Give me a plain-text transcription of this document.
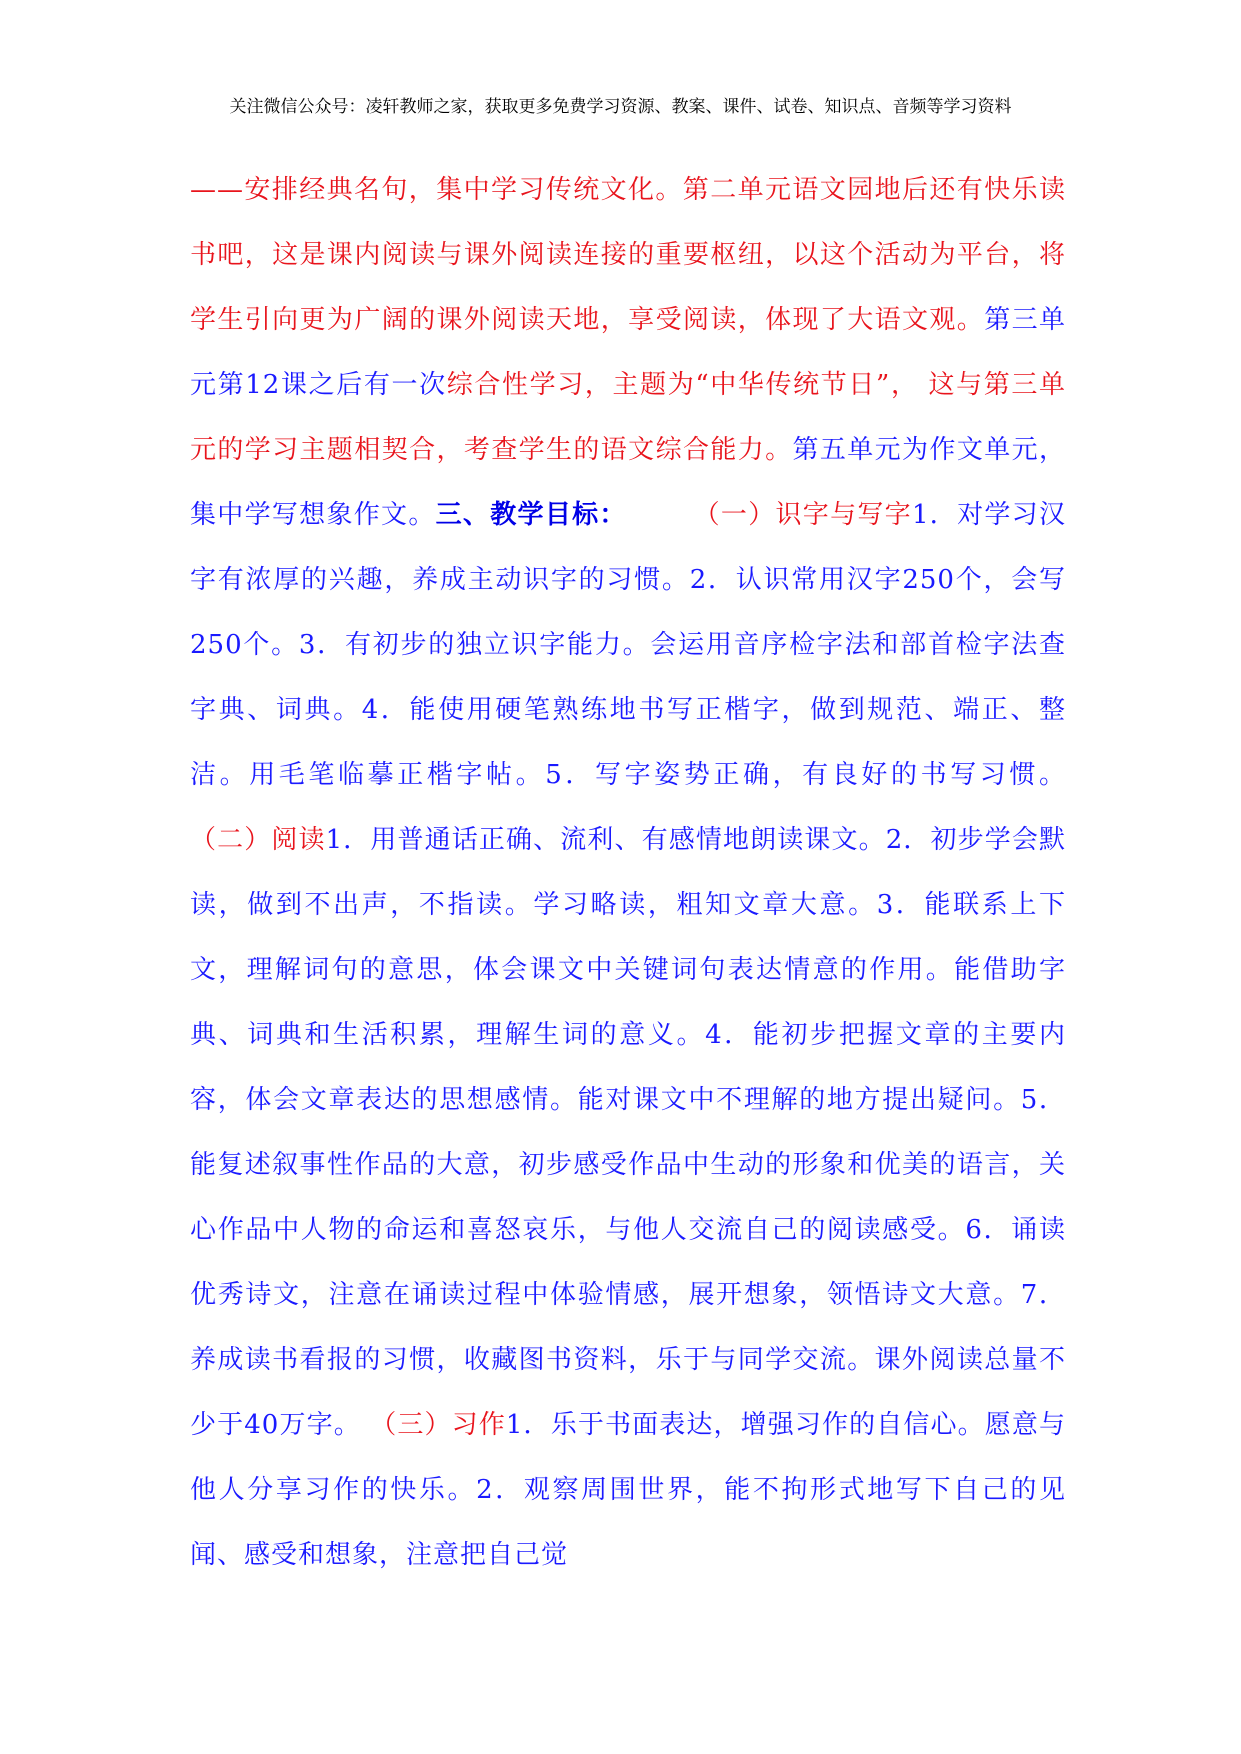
关注微信公众号：凌轩教师之家，获取更多免费学习资源、教案、课件、试卷、知识点、音频等学习资料
——安排经典名句，集中学习传统文化。第二单元语文园地后还有快乐读书吧，这是课内阅读与课外阅读连接的重要枢纽，以这个活动为平台，将学生引向更为广阔的课外阅读天地，享受阅读，体现了大语文观。第三单元第12课之后有一次综合性学习，主题为“中华传统节日”， 这与第三单元的学习主题相契合，考查学生的语文综合能力。第五单元为作文单元，集中学写想象作文。三、教学目标：	（一）识字与写字1．对学习汉字有浓厚的兴趣，养成主动识字的习惯。2．认识常用汉字250个，会写250个。3．有初步的独立识字能力。会运用音序检字法和部首检字法查字典、词典。4．能使用硬笔熟练地书写正楷字，做到规范、端正、整洁。用毛笔临摹正楷字帖。5．写字姿势正确，有良好的书写习惯。 （二）阅读1．用普通话正确、流利、有感情地朗读课文。2．初步学会默读，做到不出声，不指读。学习略读，粗知文章大意。3．能联系上下文，理解词句的意思，体会课文中关键词句表达情意的作用。能借助字典、词典和生活积累，理解生词的意义。4．能初步把握文章的主要内容，体会文章表达的思想感情。能对课文中不理解的地方提出疑问。5．能复述叙事性作品的大意，初步感受作品中生动的形象和优美的语言，关心作品中人物的命运和喜怒哀乐，与他人交流自己的阅读感受。6．诵读优秀诗文，注意在诵读过程中体验情感，展开想象，领悟诗文大意。7．养成读书看报的习惯，收藏图书资料，乐于与同学交流。课外阅读总量不少于40万字。 （三）习作1．乐于书面表达，增强习作的自信心。愿意与他人分享习作的快乐。2．观察周围世界，能不拘形式地写下自己的见闻、感受和想象，注意把自己觉
